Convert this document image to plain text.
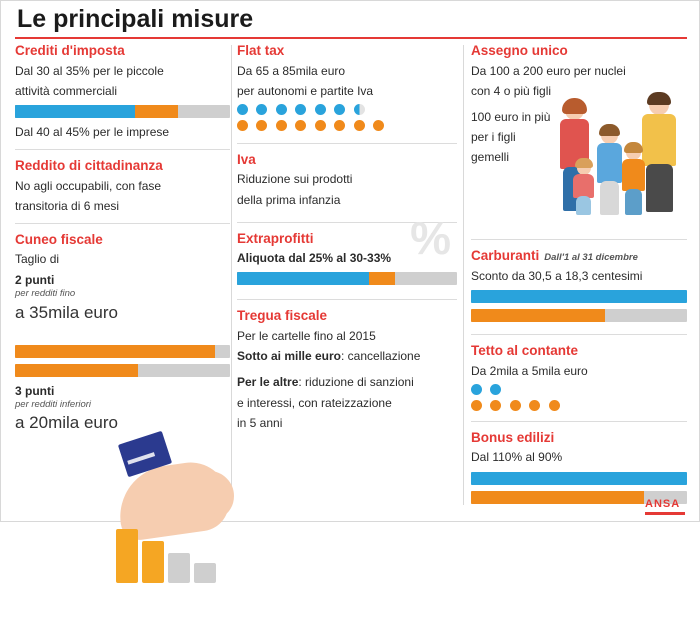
Le principali misure
Crediti d'imposta
Dal 30 al 35% per le piccole
attività commerciali
Dal 40 al 45% per le imprese
Reddito di cittadinanza
No agli occupabili, con fase
transitoria di 6 mesi
Cuneo fiscale
Taglio di
2 punti
per redditi fino
a 35mila euro
3 punti
per redditi inferiori
a 20mila euro
Flat tax
Da 65 a 85mila euro
per autonomi e partite Iva

Iva
Riduzione sui prodotti
della prima infanzia
Extraprofitti
Aliquota dal 25% al 30-33%
Tregua fiscale
Per le cartelle fino al 2015
Sotto ai mille euro: cancellazione
Per le altre: riduzione di sanzioni
e interessi, con rateizzazione
in 5 anni
%
Assegno unico
Da 100 a 200 euro per nuclei
con 4 o più figli
100 euro in più
per i figli
gemelli
Carburanti Dall'1 al 31 dicembre
Sconto da 30,5 a 18,3 centesimi
Tetto al contante
Da 2mila a 5mila euro

Bonus edilizi
Dal 110% al 90%
ANSA
